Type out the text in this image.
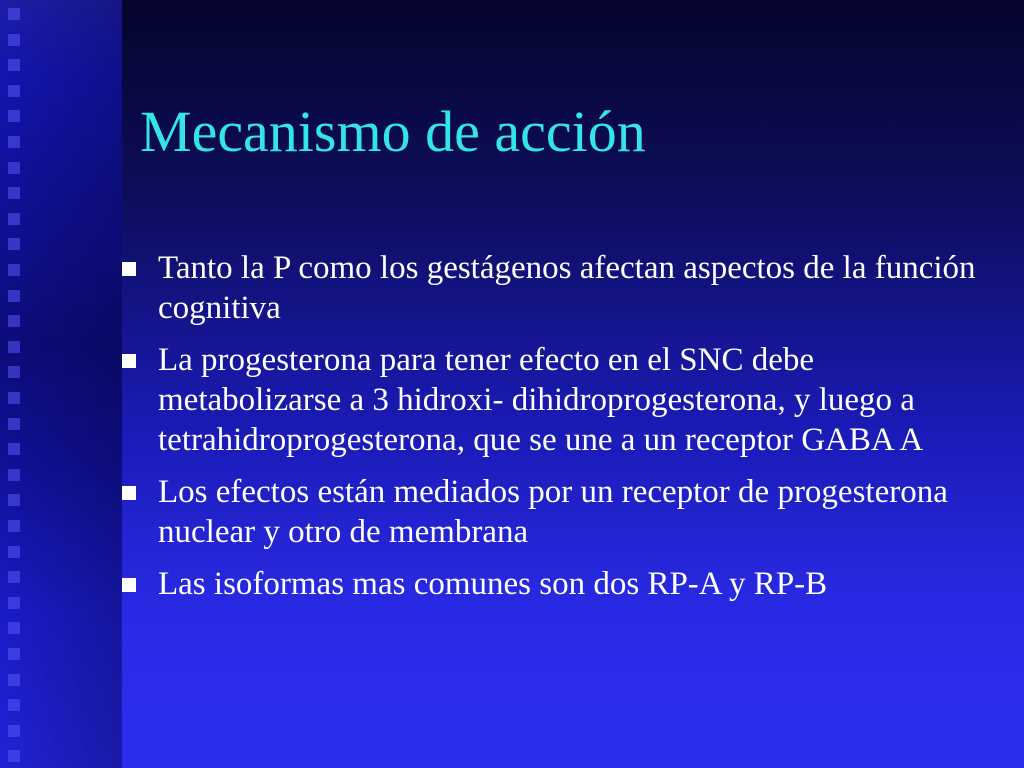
Mecanismo de acción
Tanto la P como los gestágenos afectan aspectos de la función cognitiva
La progesterona para tener efecto en el SNC debe metabolizarse a 3 hidroxi- dihidroprogesterona, y luego a tetrahidroprogesterona, que se une a un receptor GABA A
Los efectos están mediados por un receptor de progesterona nuclear y otro de membrana
Las isoformas mas comunes son dos RP-A y RP-B
